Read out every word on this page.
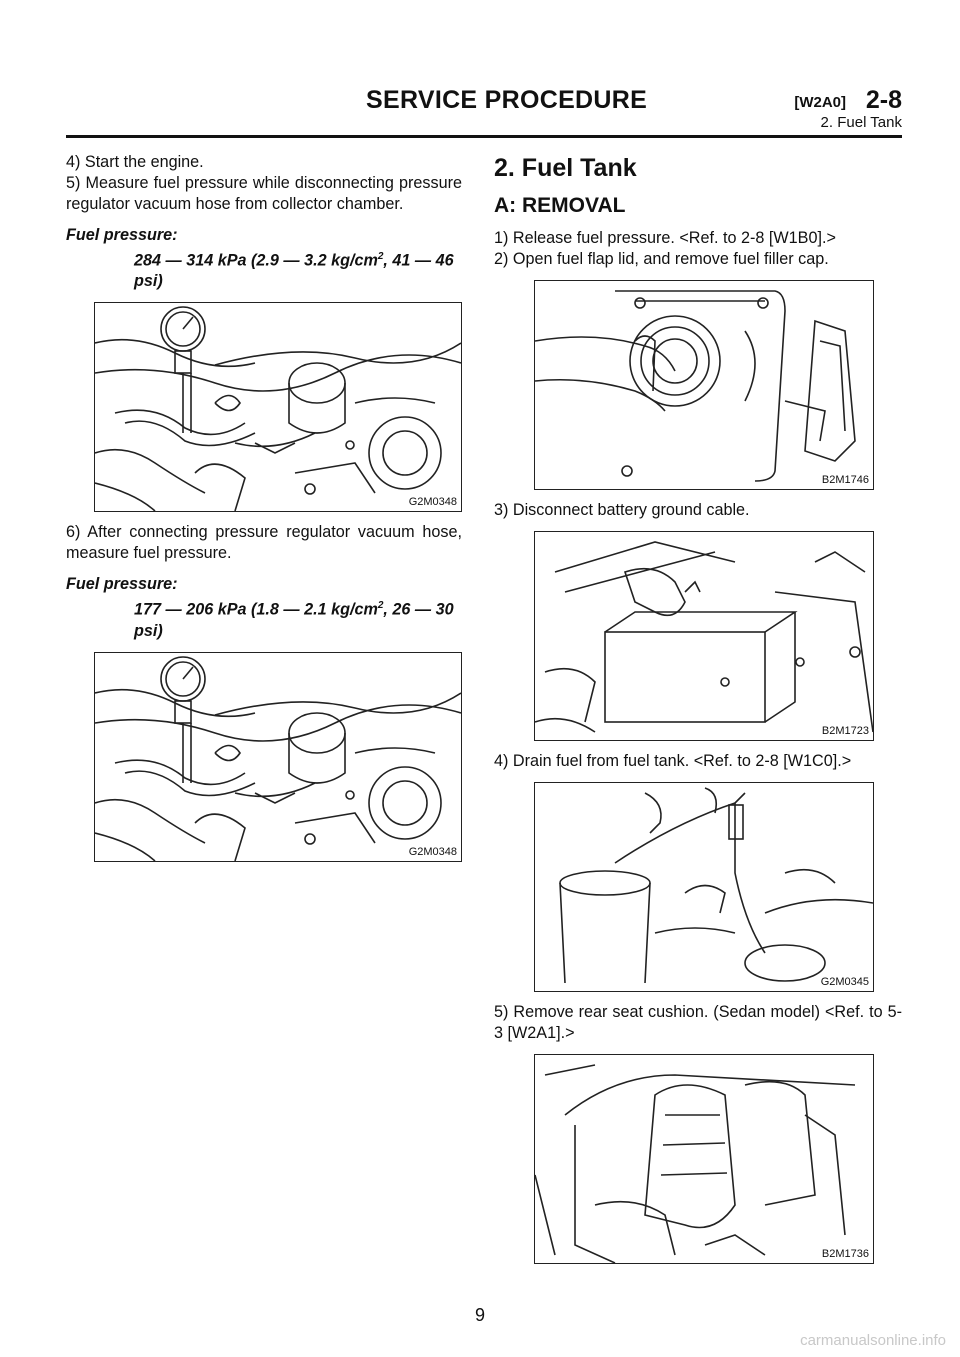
SERVICE PROCEDURE	[W2A0] 2-8
2. Fuel Tank

4) Start the engine.

5) Measure fuel pressure while disconnecting pressure regulator vacuum hose from collector chamber.

Fuel pressure:
284 — 314 kPa (2.9 — 3.2 $kg/cm^2$, 41 — 46 psi)
G2M0348

6) After connecting pressure regulator vacuum hose, measure fuel pressure.

Fuel pressure:
177 — 206 kPa (1.8 — 2.1 $kg/cm^2$, 26 — 30 psi)
G2M0348
2. Fuel Tank
A: REMOVAL

1) Release fuel pressure. <Ref. to 2-8 [W1B0].>

2) Open fuel flap lid, and remove fuel filler cap.

B2M1746

3) Disconnect battery ground cable.

B2M1723

4) Drain fuel from fuel tank. <Ref. to 2-8 [W1C0].>

G2M0345

5) Remove rear seat cushion. (Sedan model) <Ref. to 5-3 [W2A1].>

B2M1736
9
carmanualsonline.info
